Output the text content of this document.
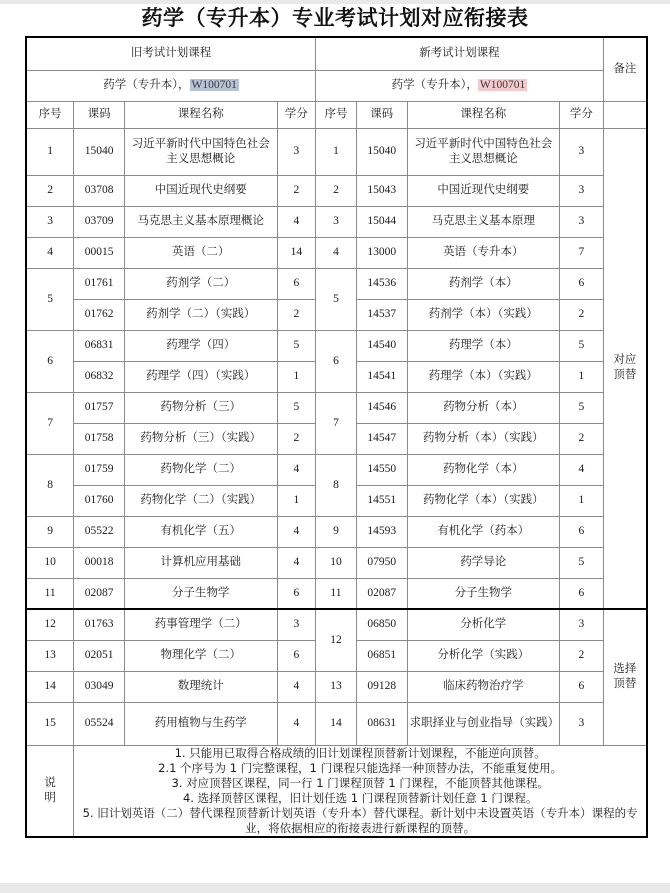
药学（专升本）专业考试计划对应衔接表
旧考试计划课程				新考试计划课程				备注
药学（专升本）， W100701				药学（专升本）， W100701				
序号	课码	课程名称	学分	序号	课码	课程名称	学分	
1	15040	习近平新时代中国特色社会主义思想概论	3	1	15040	习近平新时代中国特色社会主义思想概论	3	对应
顶替

2	03708	中国近现代史纲要	2	2	15043	中国近现代史纲要	3	
3	03709	马克思主义基本原理概论	4	3	15044	马克思主义基本原理	3	
4	00015	英语（二）	14	4	13000	英语（专升本）	7	
5	01761	药剂学（二）	6	5	14536	药剂学（本）	6	
	01762	药剂学（二）（实践）	2		14537	药剂学（本）（实践）	2	
6	06831	药理学（四）	5	6	14540	药理学（本）	5	
	06832	药理学（四）（实践）	1		14541	药理学（本）（实践）	1	
7	01757	药物分析（三）	5	7	14546	药物分析（本）	5	
	01758	药物分析（三）（实践）	2		14547	药物分析（本）（实践）	2	
8	01759	药物化学（二）	4	8	14550	药物化学（本）	4	
	01760	药物化学（二）（实践）	1		14551	药物化学（本）（实践）	1	
9	05522	有机化学（五）	4	9	14593	有机化学（药本）	6	
10	00018	计算机应用基础	4	10	07950	药学导论	5	
11	02087	分子生物学	6	11	02087	分子生物学	6	
12	01763	药事管理学（二）	3	12	06850	分析化学	3	选择
顶替

13	02051	物理化学（二）	6		06851	分析化学（实践）	2	
14	03049	数理统计	4	13	09128	临床药物治疗学	6	
15	05524	药用植物与生药学	4	14	08631	求职择业与创业指导（实践）	3	

说
明

1. 只能用已取得合格成绩的旧计划课程顶替新计划课程，不能逆向顶替。

2.1 个序号为 1 门完整课程，1 门课程只能选择一种顶替办法，不能重复使用。

3. 对应顶替区课程，同一行 1 门课程顶替 1 门课程，不能顶替其他课程。

4. 选择顶替区课程，旧计划任选 1 门课程顶替新计划任意 1 门课程。

5. 旧计划英语（二）替代课程顶替新计划英语（专升本）替代课程。新计划中未设置英语（专升本）课程的专业，将依据相应的衔接表进行新课程的顶替。
